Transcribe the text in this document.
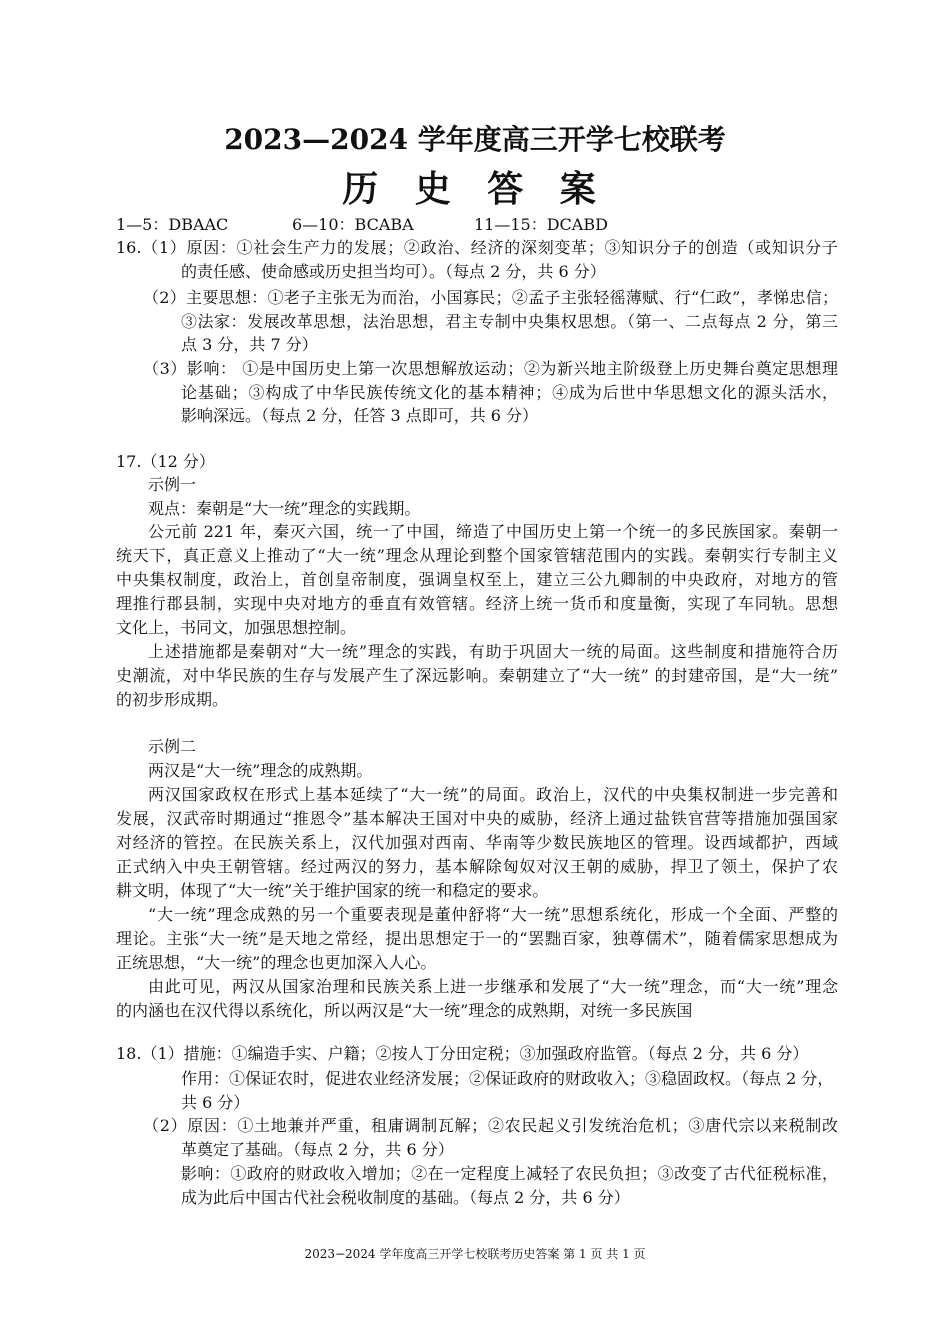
2023—2024 学年度高三开学七校联考
历 史 答 案
1—5：DBAAC	6—10：BCABA	11—15：DCABD
16.（1）原因：①社会生产力的发展；②政治、经济的深刻变革；③知识分子的创造（或知识分子
的责任感、使命感或历史担当均可）。（每点 2 分，共 6 分）
（2）主要思想：①老子主张无为而治，小国寡民；②孟子主张轻徭薄赋、行“仁政”，孝悌忠信；
③法家：发展改革思想，法治思想，君主专制中央集权思想。（第一、二点每点 2 分，第三
点 3 分，共 7 分）
（3）影响： ①是中国历史上第一次思想解放运动；②为新兴地主阶级登上历史舞台奠定思想理
论基础；③构成了中华民族传统文化的基本精神；④成为后世中华思想文化的源头活水，
影响深远。（每点 2 分，任答 3 点即可，共 6 分）
17.（12 分）
示例一
观点：秦朝是“大一统”理念的实践期。
公元前 221 年，秦灭六国，统一了中国，缔造了中国历史上第一个统一的多民族国家。秦朝一
统天下，真正意义上推动了“大一统”理念从理论到整个国家管辖范围内的实践。秦朝实行专制主义
中央集权制度，政治上，首创皇帝制度，强调皇权至上，建立三公九卿制的中央政府，对地方的管
理推行郡县制，实现中央对地方的垂直有效管辖。经济上统一货币和度量衡，实现了车同轨。思想
文化上，书同文，加强思想控制。
上述措施都是秦朝对“大一统”理念的实践，有助于巩固大一统的局面。这些制度和措施符合历
史潮流，对中华民族的生存与发展产生了深远影响。秦朝建立了“大一统” 的封建帝国，是“大一统”
的初步形成期。
示例二
两汉是“大一统”理念的成熟期。
两汉国家政权在形式上基本延续了“大一统”的局面。政治上，汉代的中央集权制进一步完善和
发展，汉武帝时期通过“推恩令”基本解决王国对中央的威胁，经济上通过盐铁官营等措施加强国家
对经济的管控。在民族关系上，汉代加强对西南、华南等少数民族地区的管理。设西域都护，西域
正式纳入中央王朝管辖。经过两汉的努力，基本解除匈奴对汉王朝的威胁，捍卫了领土，保护了农
耕文明，体现了“大一统”关于维护国家的统一和稳定的要求。
“大一统”理念成熟的另一个重要表现是董仲舒将“大一统”思想系统化，形成一个全面、严整的
理论。主张“大一统”是天地之常经，提出思想定于一的“罢黜百家，独尊儒术”，随着儒家思想成为
正统思想，“大一统”的理念也更加深入人心。
由此可见，两汉从国家治理和民族关系上进一步继承和发展了“大一统”理念，而“大一统”理念
的内涵也在汉代得以系统化，所以两汉是“大一统”理念的成熟期，对统一多民族国
18.（1）措施：①编造手实、户籍；②按人丁分田定税；③加强政府监管。（每点 2 分，共 6 分）
作用：①保证农时，促进农业经济发展；②保证政府的财政收入；③稳固政权。（每点 2 分，
共 6 分）
（2）原因：①土地兼并严重，租庸调制瓦解；②农民起义引发统治危机；③唐代宗以来税制改
革奠定了基础。（每点 2 分，共 6 分）
影响：①政府的财政收入增加；②在一定程度上减轻了农民负担；③改变了古代征税标准，
成为此后中国古代社会税收制度的基础。（每点 2 分，共 6 分）
2023−2024 学年度高三开学七校联考历史答案 第 1 页 共 1 页
